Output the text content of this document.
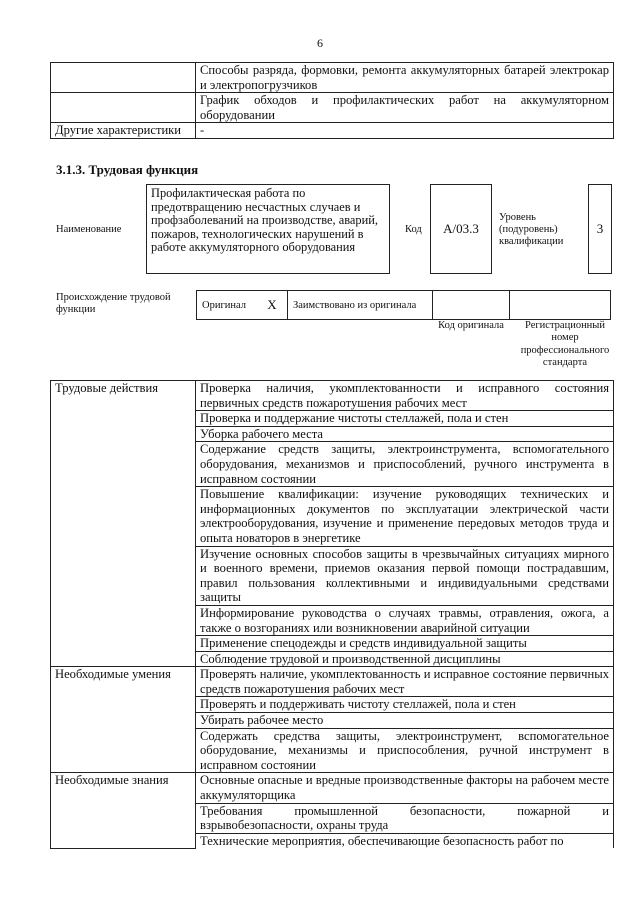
6
	Способы разряда, формовки, ремонта аккумуляторных батарей электрокар и электропогрузчиков
	График обходов и профилактических работ на аккумуляторном оборудовании
Другие характеристики	-
3.1.3. Трудовая функция
Наименование
Профилактическая работа по предотвращению несчастных случаев и профзаболеваний на производстве, аварий, пожаров, технологических нарушений в работе аккумуляторного оборудования
Код	А/03.3
Уровень (подуровень) квалификации
3
Происхождение трудовой функции	Оригинал	X	Заимствовано из оригинала		
Код оригинала	Регистрационный номер профессионального стандарта
Трудовые действия	Проверка наличия, укомплектованности и исправного состояния первичных средств пожаротушения рабочих мест
	Проверка и поддержание чистоты стеллажей, пола и стен
	Уборка рабочего места
	Содержание средств защиты, электроинструмента, вспомогательного оборудования, механизмов и приспособлений, ручного инструмента в исправном состоянии
	Повышение квалификации: изучение руководящих технических и информационных документов по эксплуатации электрической части электрооборудования, изучение и применение передовых методов труда и опыта новаторов в энергетике
	Изучение основных способов защиты в чрезвычайных ситуациях мирного и военного времени, приемов оказания первой помощи пострадавшим, правил пользования коллективными и индивидуальными средствами защиты
	Информирование руководства о случаях травмы, отравления, ожога, а также о возгораниях или возникновении аварийной ситуации
	Применение спецодежды и средств индивидуальной защиты
	Соблюдение трудовой и производственной дисциплины
Необходимые умения	Проверять наличие, укомплектованность и исправное состояние первичных средств пожаротушения рабочих мест
	Проверять и поддерживать чистоту стеллажей, пола и стен
	Убирать рабочее место
	Содержать средства защиты, электроинструмент, вспомогательное оборудование, механизмы и приспособления, ручной инструмент в исправном состоянии
Необходимые знания	Основные опасные и вредные производственные факторы на рабочем месте аккумуляторщика
	Требования промышленной безопасности, пожарной и взрывобезопасности, охраны труда
	Технические мероприятия, обеспечивающие безопасность работ по
